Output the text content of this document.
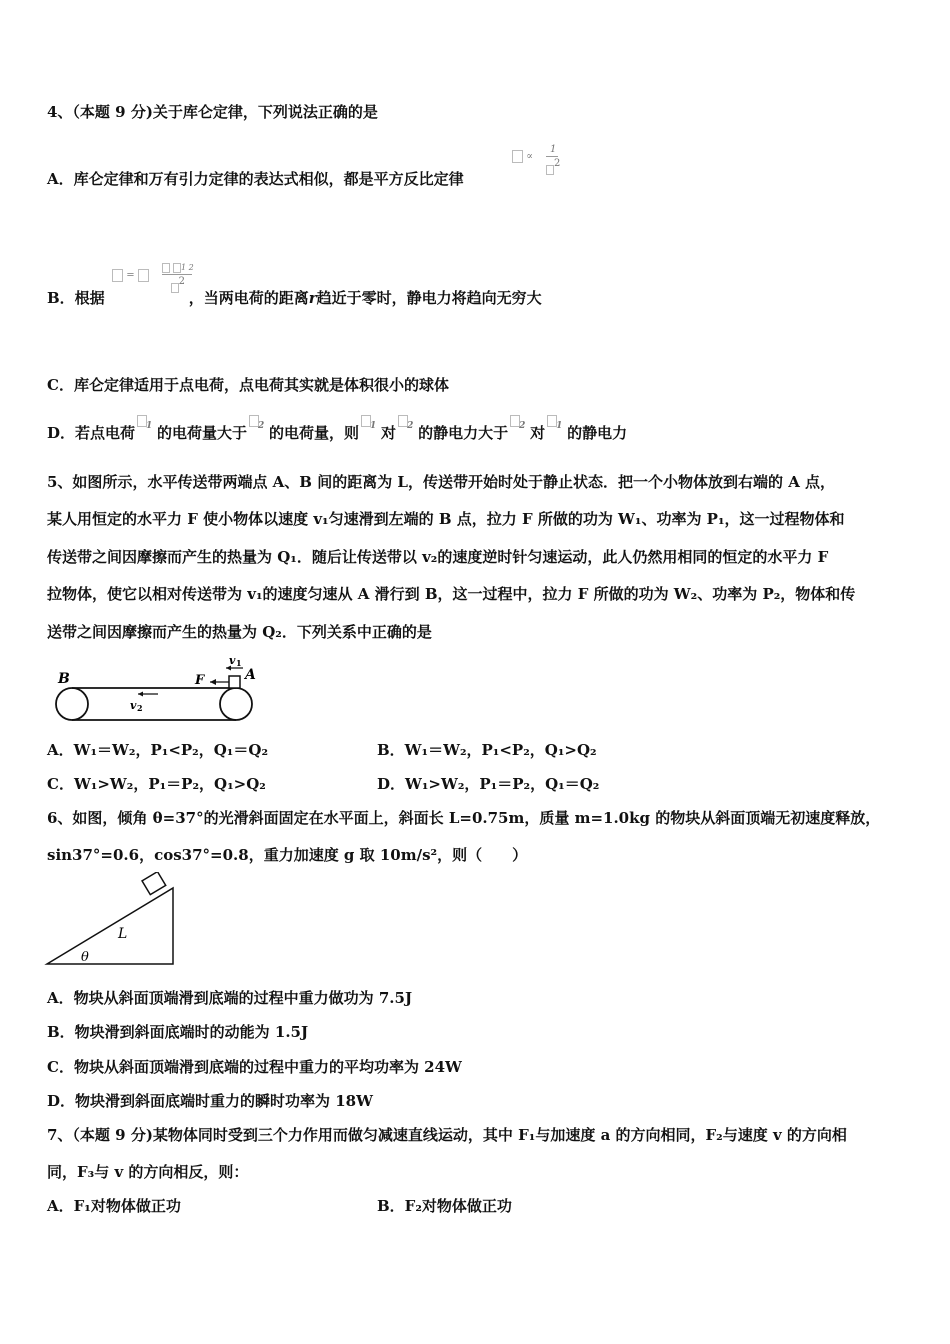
4、（本题 9 分)关于库仑定律，下列说法正确的是
∝
1
2
A．库仑定律和万有引力定律的表达式相似，都是平方反比定律
=
1 2
2
B．根据	，当两电荷的距离r趋近于零时，静电力将趋向无穷大
C．库仑定律适用于点电荷，点电荷其实就是体积很小的球体
D．若点电荷 1 的电荷量大于 2 的电荷量，则 1 对 2 的静电力大于 2 对 1 的静电力
5、如图所示，水平传送带两端点 A、B 间的距离为 L，传送带开始时处于静止状态．把一个小物体放到右端的 A 点，
某人用恒定的水平力 F 使小物体以速度 v₁匀速滑到左端的 B 点，拉力 F 所做的功为 W₁、功率为 P₁，这一过程物体和
传送带之间因摩擦而产生的热量为 Q₁．随后让传送带以 v₂的速度逆时针匀速运动，此人仍然用相同的恒定的水平力 F
拉物体，使它以相对传送带为 v₁的速度匀速从 A 滑行到 B，这一过程中，拉力 F 所做的功为 W₂、功率为 P₂，物体和传
送带之间因摩擦而产生的热量为 Q₂．下列关系中正确的是
B	A
F
v 1
v 2
A．W₁＝W₂，P₁<P₂，Q₁＝Q₂	B．W₁＝W₂，P₁<P₂，Q₁>Q₂
C．W₁>W₂，P₁＝P₂，Q₁>Q₂	D．W₁>W₂，P₁＝P₂，Q₁＝Q₂
6、如图，倾角 θ=37°的光滑斜面固定在水平面上，斜面长 L=0.75m，质量 m=1.0kg 的物块从斜面顶端无初速度释放，
sin37°=0.6，cos37°=0.8，重力加速度 g 取 10m/s²，则（　　）
L
θ
A．物块从斜面顶端滑到底端的过程中重力做功为 7.5J
B．物块滑到斜面底端时的动能为 1.5J
C．物块从斜面顶端滑到底端的过程中重力的平均功率为 24W
D．物块滑到斜面底端时重力的瞬时功率为 18W
7、（本题 9 分)某物体同时受到三个力作用而做匀减速直线运动，其中 F₁与加速度 a 的方向相同，F₂与速度 v 的方向相
同，F₃与 v 的方向相反，则：
A．F₁对物体做正功	B．F₂对物体做正功
